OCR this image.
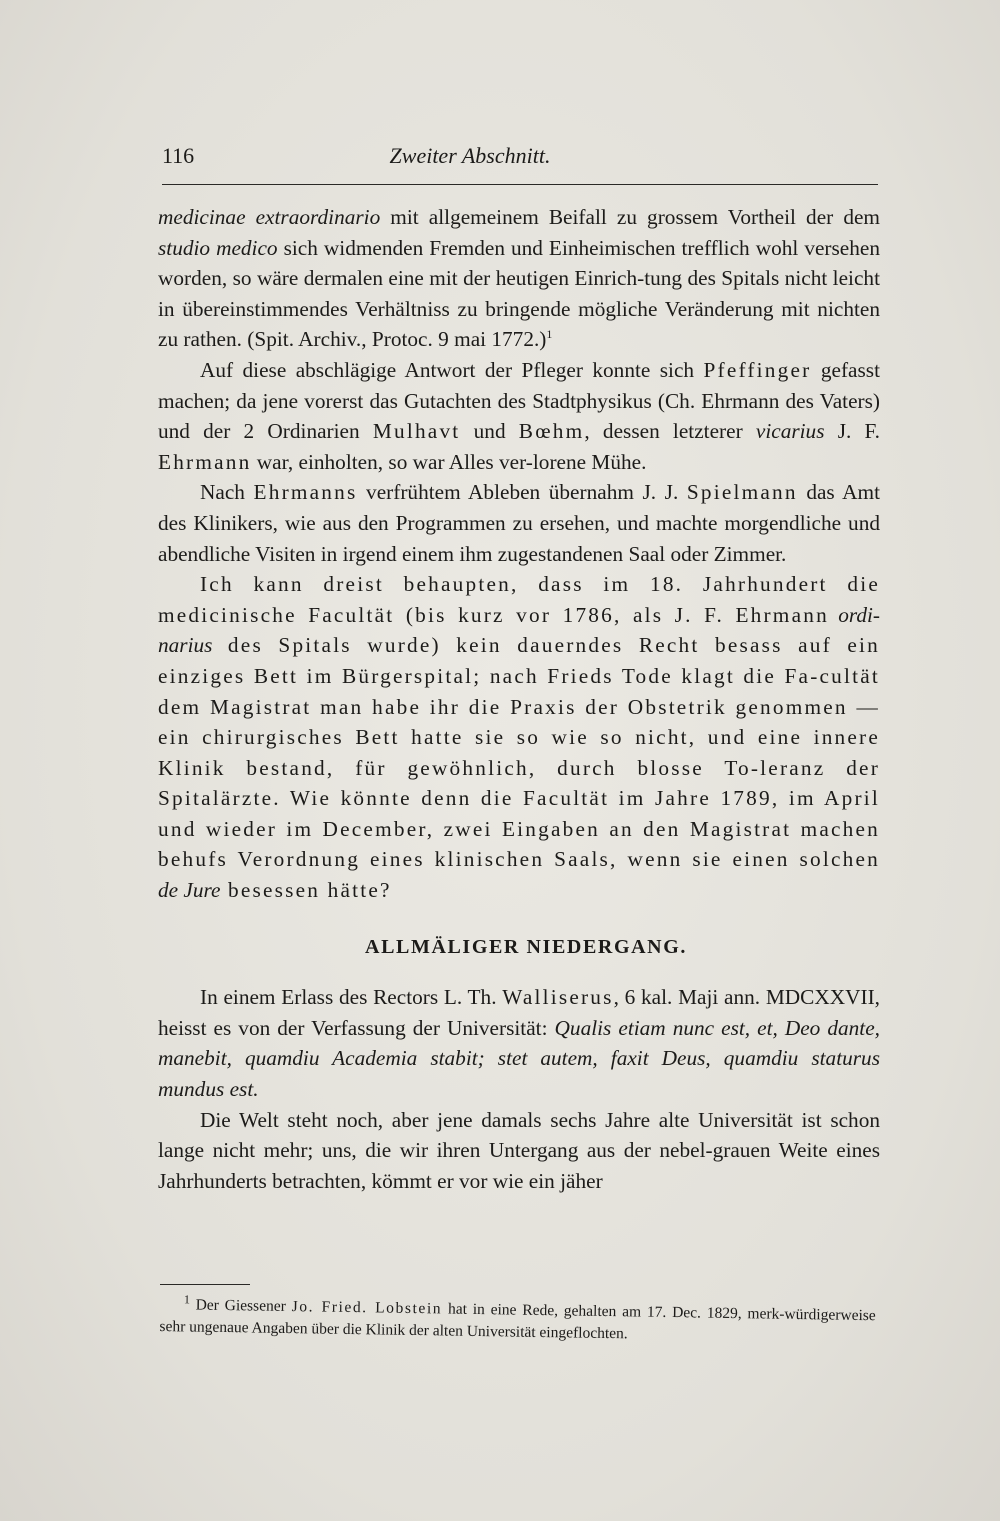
116	Zweiter Abschnitt.

medicinae extraordinario mit allgemeinem Beifall zu grossem Vortheil der dem studio medico sich widmenden Fremden und Einheimischen trefflich wohl versehen worden, so wäre dermalen eine mit der heutigen Einrich-tung des Spitals nicht leicht in übereinstimmendes Verhältniss zu bringende mögliche Veränderung mit nichten zu rathen. (Spit. Archiv., Protoc. 9 mai 1772.)$^1$

Auf diese abschlägige Antwort der Pfleger konnte sich Pfeffinger gefasst machen; da jene vorerst das Gutachten des Stadtphysikus (Ch. Ehrmann des Vaters) und der 2 Ordinarien Mulhavt und Bœhm, dessen letzterer vicarius J. F. Ehrmann war, einholten, so war Alles ver-lorene Mühe.

Nach Ehrmanns verfrühtem Ableben übernahm J. J. Spielmann das Amt des Klinikers, wie aus den Programmen zu ersehen, und machte morgendliche und abendliche Visiten in irgend einem ihm zugestandenen Saal oder Zimmer.

Ich kann dreist behaupten, dass im 18. Jahrhundert die medicinische Facultät (bis kurz vor 1786, als J. F. Ehrmann ordi-narius des Spitals wurde) kein dauerndes Recht besass auf ein einziges Bett im Bürgerspital; nach Frieds Tode klagt die Fa-cultät dem Magistrat man habe ihr die Praxis der Obstetrik genommen — ein chirurgisches Bett hatte sie so wie so nicht, und eine innere Klinik bestand, für gewöhnlich, durch blosse To-leranz der Spitalärzte. Wie könnte denn die Facultät im Jahre 1789, im April und wieder im December, zwei Eingaben an den Magistrat machen behufs Verordnung eines klinischen Saals, wenn sie einen solchen de Jure besessen hätte?

ALLMÄLIGER NIEDERGANG.

In einem Erlass des Rectors L. Th. Walliserus, 6 kal. Maji ann. MDCXXVII, heisst es von der Verfassung der Universität: Qualis etiam nunc est, et, Deo dante, manebit, quamdiu Academia stabit; stet autem, faxit Deus, quamdiu staturus mundus est.

Die Welt steht noch, aber jene damals sechs Jahre alte Universität ist schon lange nicht mehr; uns, die wir ihren Untergang aus der nebel-grauen Weite eines Jahrhunderts betrachten, kömmt er vor wie ein jäher

$^1$ Der Giessener Jo. Fried. Lobstein hat in eine Rede, gehalten am 17. Dec. 1829, merk-würdigerweise sehr ungenaue Angaben über die Klinik der alten Universität eingeflochten.
